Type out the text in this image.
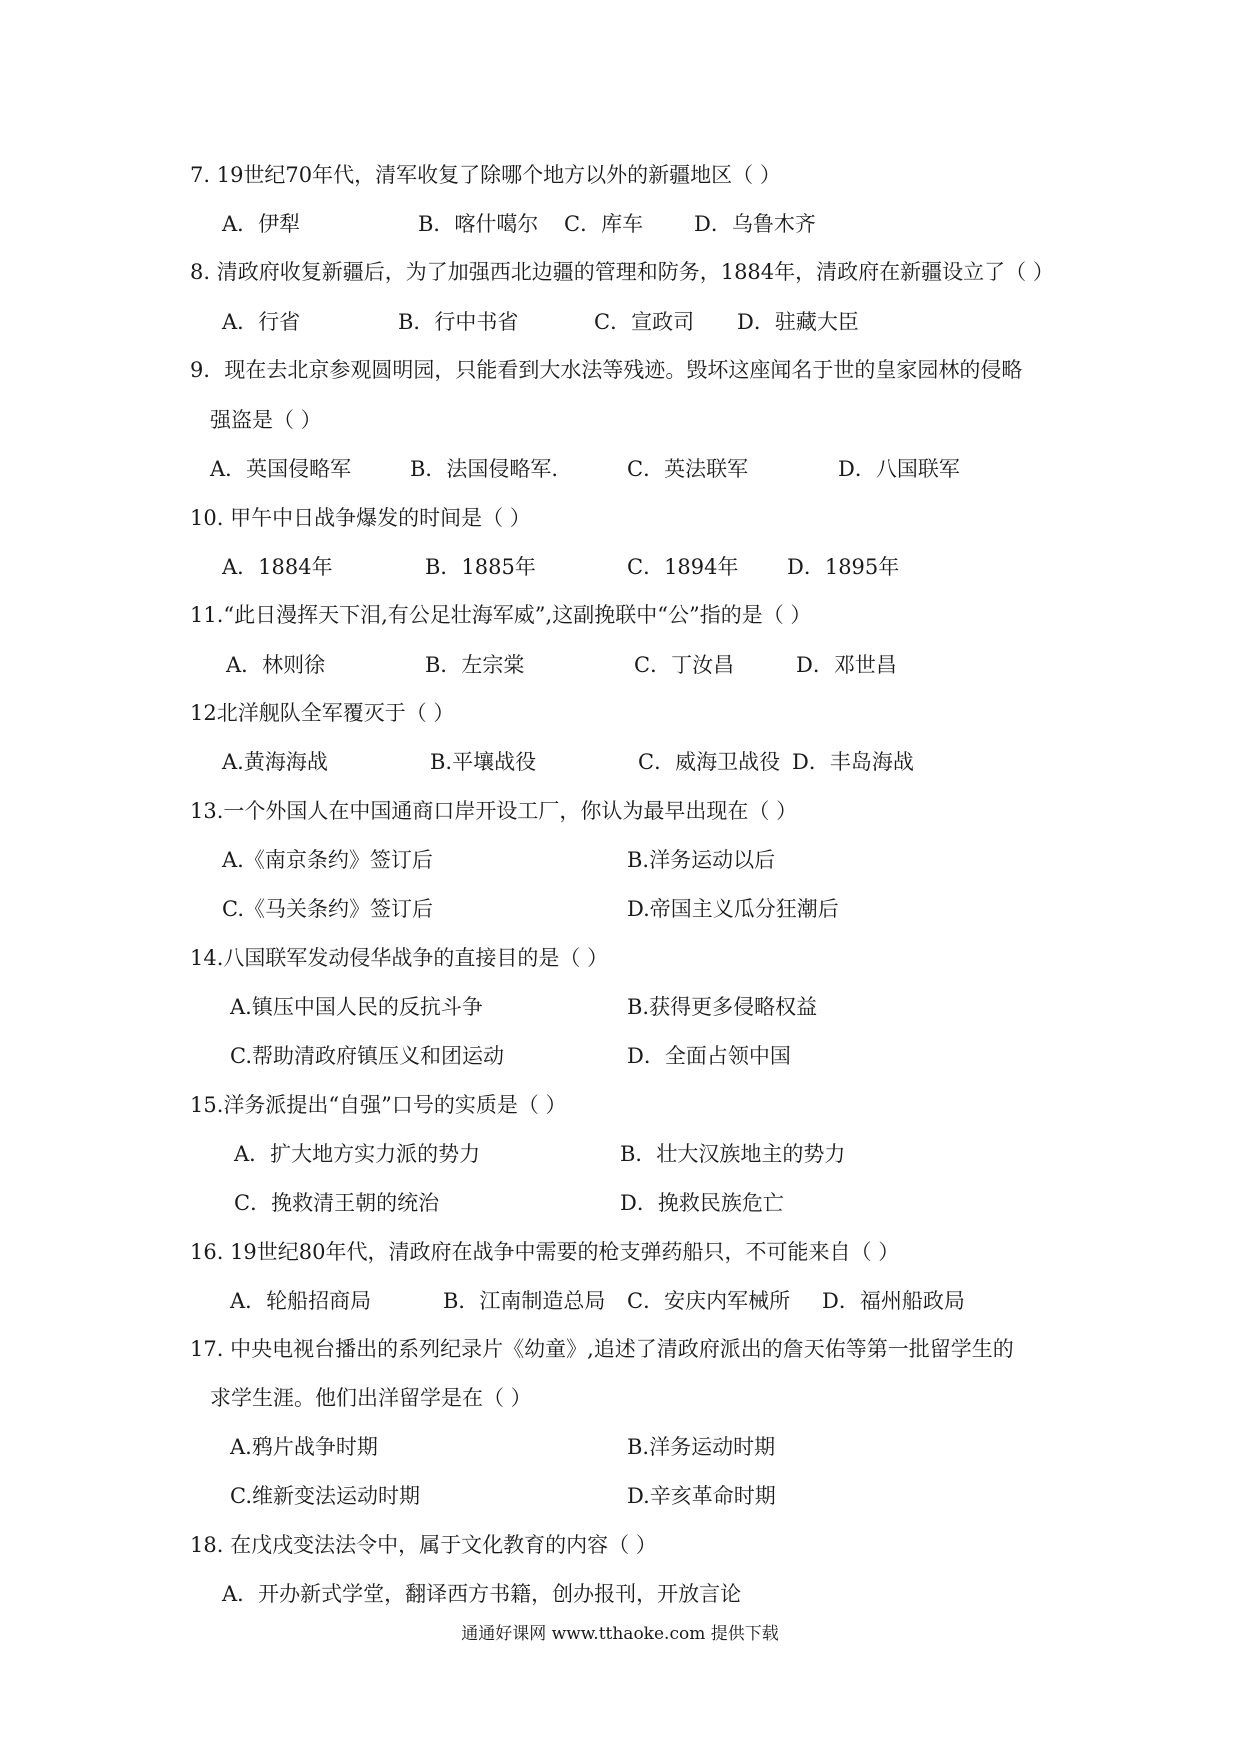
7. 19世纪70年代，清军收复了除哪个地方以外的新疆地区（ ）
A．伊犁	B．喀什噶尔 C．库车 D．乌鲁木齐
8. 清政府收复新疆后，为了加强西北边疆的管理和防务，1884年，清政府在新疆设立了（ ）
A．行省	B．行中书省	C．宣政司 D．驻藏大臣
9．现在去北京参观圆明园，只能看到大水法等残迹。毁坏这座闻名于世的皇家园林的侵略
强盗是（ ）
A．英国侵略军	B．法国侵略军.	C．英法联军	D．八国联军
10. 甲午中日战争爆发的时间是（ ）
A．1884年	B．1885年	C．1894年 D．1895年
11.“此日漫挥天下泪,有公足壮海军威”,这副挽联中“公”指的是（ ）
A．林则徐	B．左宗棠	C．丁汝昌	D．邓世昌
12北洋舰队全军覆灭于（ ）
A.黄海海战	B.平壤战役	C．威海卫战役 D．丰岛海战
13.一个外国人在中国通商口岸开设工厂，你认为最早出现在（ ）
A.《南京条约》签订后	B.洋务运动以后
C.《马关条约》签订后	D.帝国主义瓜分狂潮后
14.八国联军发动侵华战争的直接目的是（ ）
A.镇压中国人民的反抗斗争	B.获得更多侵略权益
C.帮助清政府镇压义和团运动	D．全面占领中国
15.洋务派提出“自强”口号的实质是（ ）
A．扩大地方实力派的势力	B．壮大汉族地主的势力
C．挽救清王朝的统治	D．挽救民族危亡
16. 19世纪80年代，清政府在战争中需要的枪支弹药船只，不可能来自（ ）
A．轮船招商局	B．江南制造总局 C．安庆内军械所 D．福州船政局
17. 中央电视台播出的系列纪录片《幼童》,追述了清政府派出的詹天佑等第一批留学生的
求学生涯。他们出洋留学是在（ ）
A.鸦片战争时期	B.洋务运动时期
C.维新变法运动时期	D.辛亥革命时期
18. 在戊戌变法法令中，属于文化教育的内容（ ）
A．开办新式学堂，翻译西方书籍，创办报刊，开放言论
通通好课网 www.tthaoke.com 提供下载
